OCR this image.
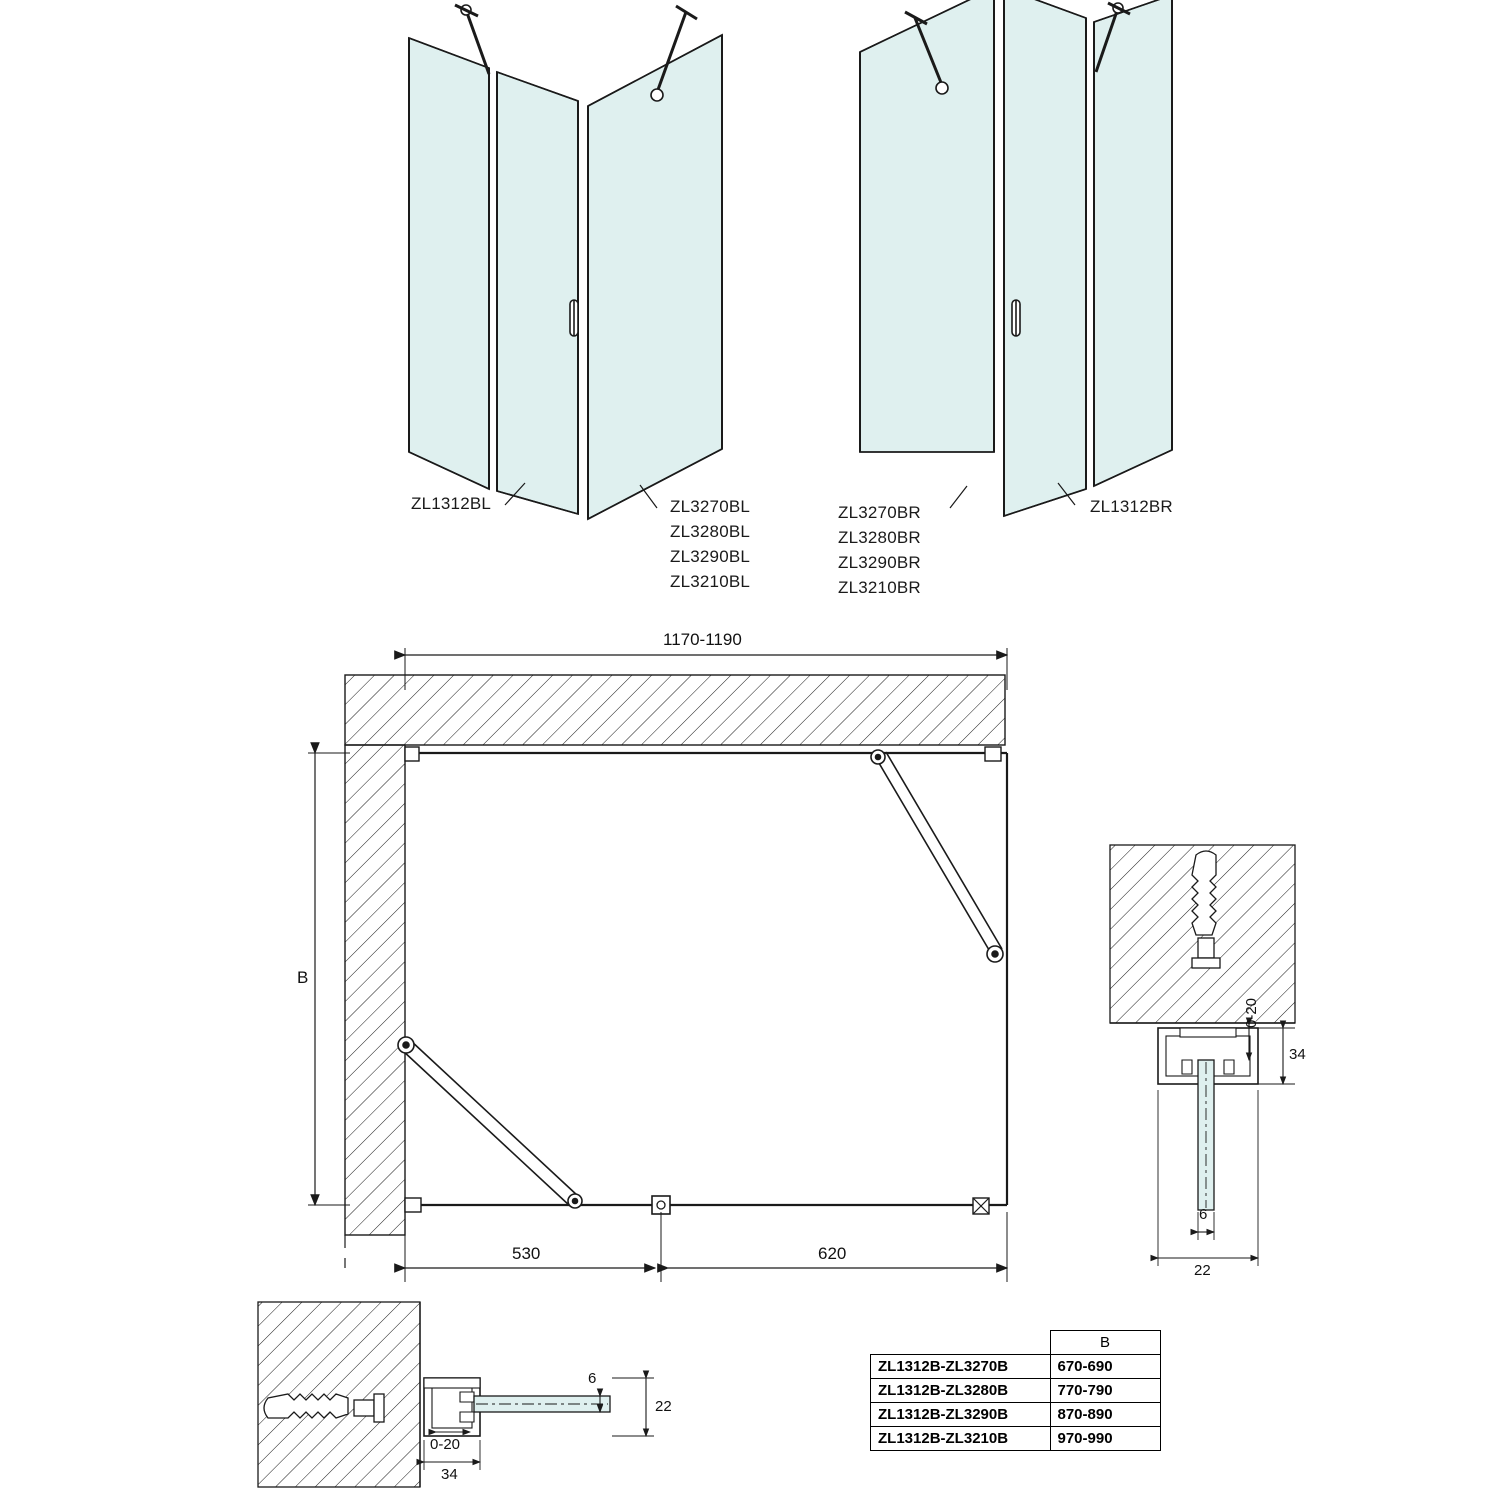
ZL1312BL	ZL3270BL
ZL3280BL
ZL3290BL
ZL3210BL
ZL3270BR
ZL3280BR
ZL3290BR
ZL3210BR
ZL1312BR
1170-1190
B
530	620
0-20
34
6
22
6
22
0-20
34
	B
ZL1312B-ZL3270B	670-690
ZL1312B-ZL3280B	770-790
ZL1312B-ZL3290B	870-890
ZL1312B-ZL3210B	970-990
